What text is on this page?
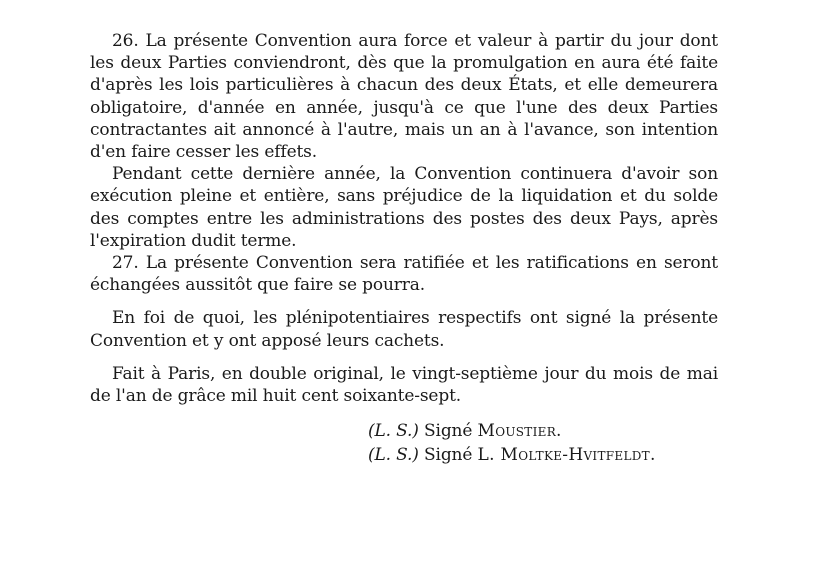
26. La présente Convention aura force et valeur à partir du jour dont les deux Parties conviendront, dès que la promulgation en aura été faite d'après les lois particulières à chacun des deux États, et elle demeurera obligatoire, d'année en année, jusqu'à ce que l'une des deux Parties contractantes ait annoncé à l'autre, mais un an à l'avance, son intention d'en faire cesser les effets.

Pendant cette dernière année, la Convention continuera d'avoir son exécution pleine et entière, sans préjudice de la liquidation et du solde des comptes entre les administrations des postes des deux Pays, après l'expiration dudit terme.

27. La présente Convention sera ratifiée et les ratifications en seront échangées aussitôt que faire se pourra.

En foi de quoi, les plénipotentiaires respectifs ont signé la présente Convention et y ont apposé leurs cachets.

Fait à Paris, en double original, le vingt-septième jour du mois de mai de l'an de grâce mil huit cent soixante-sept.

(L. S.) Signé Moustier.
(L. S.) Signé L. Moltke-Hvitfeldt.
